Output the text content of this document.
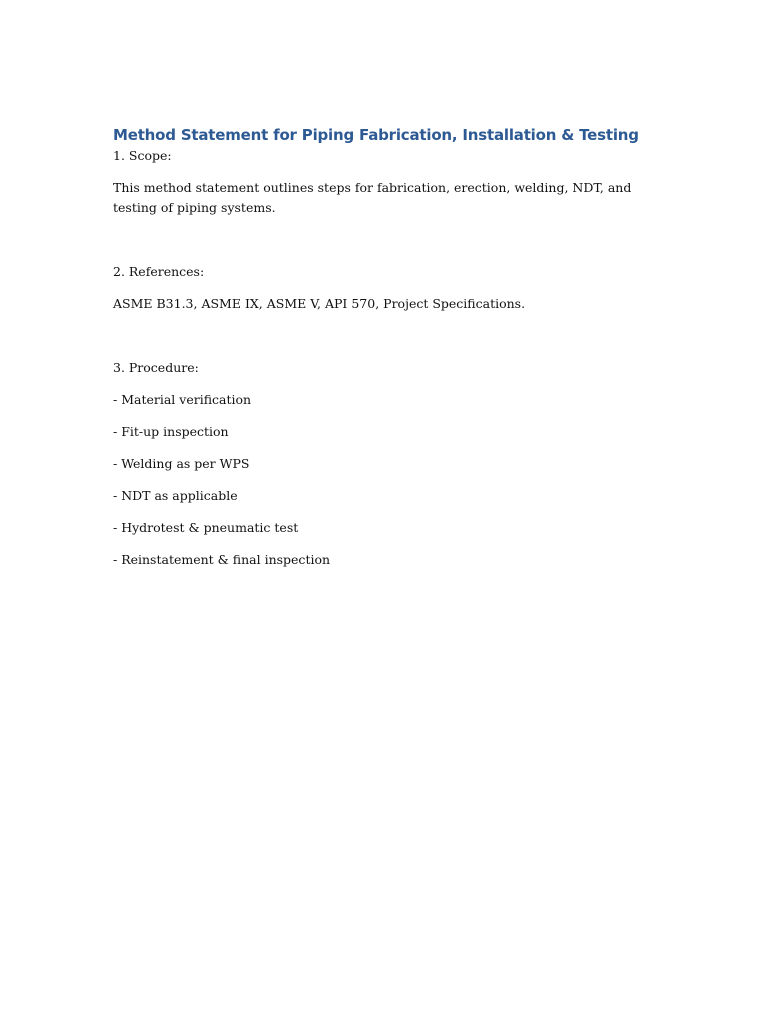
Method Statement for Piping Fabrication, Installation & Testing

1. Scope:

This method statement outlines steps for fabrication, erection, welding, NDT, and testing of piping systems.

2. References:

ASME B31.3, ASME IX, ASME V, API 570, Project Specifications.

3. Procedure:

- Material verification

- Fit-up inspection

- Welding as per WPS

- NDT as applicable

- Hydrotest & pneumatic test

- Reinstatement & final inspection
